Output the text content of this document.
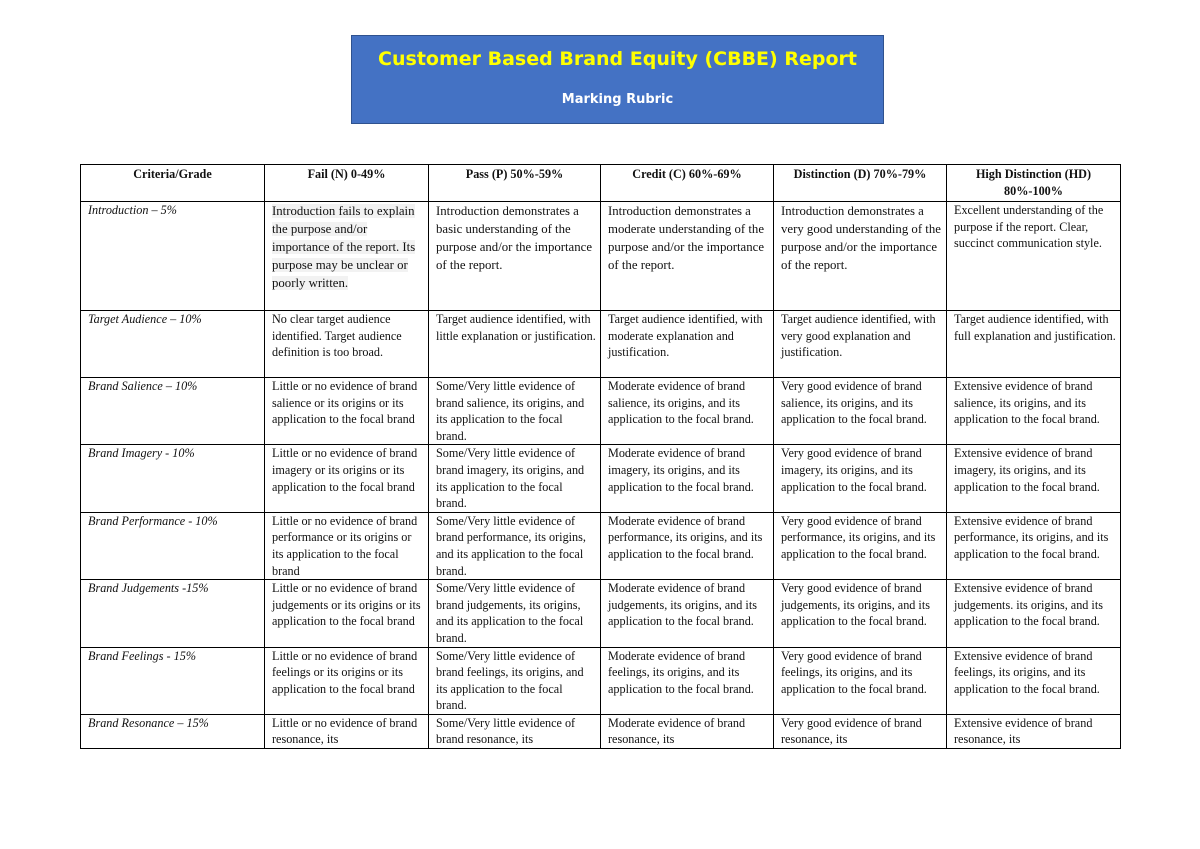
Customer Based Brand Equity (CBBE) Report
Marking Rubric
Criteria/Grade	Fail (N) 0-49%	Pass (P) 50%-59%	Credit (C) 60%-69%	Distinction (D) 70%-79%	High Distinction (HD) 80%-100%
Introduction – 5%	Introduction fails to explain the purpose and/or importance of the report. Its purpose may be unclear or poorly written.	Introduction demonstrates a basic understanding of the purpose and/or the importance of the report.	Introduction demonstrates a moderate understanding of the purpose and/or the importance of the report.	Introduction demonstrates a very good understanding of the purpose and/or the importance of the report.	Excellent understanding of the purpose if the report. Clear, succinct communication style.
Target Audience – 10%	No clear target audience identified. Target audience definition is too broad.	Target audience identified, with little explanation or justification.	Target audience identified, with moderate explanation and justification.	Target audience identified, with very good explanation and justification.	Target audience identified, with full explanation and justification.
Brand Salience – 10%	Little or no evidence of brand salience or its origins or its application to the focal brand	Some/Very little evidence of brand salience, its origins, and its application to the focal brand.	Moderate evidence of brand salience, its origins, and its application to the focal brand.	Very good evidence of brand salience, its origins, and its application to the focal brand.	Extensive evidence of brand salience, its origins, and its application to the focal brand.
Brand Imagery - 10%	Little or no evidence of brand imagery or its origins or its application to the focal brand	Some/Very little evidence of brand imagery, its origins, and its application to the focal brand.	Moderate evidence of brand imagery, its origins, and its application to the focal brand.	Very good evidence of brand imagery, its origins, and its application to the focal brand.	Extensive evidence of brand imagery, its origins, and its application to the focal brand.
Brand Performance - 10%	Little or no evidence of brand performance or its origins or its application to the focal brand	Some/Very little evidence of brand performance, its origins, and its application to the focal brand.	Moderate evidence of brand performance, its origins, and its application to the focal brand.	Very good evidence of brand performance, its origins, and its application to the focal brand.	Extensive evidence of brand performance, its origins, and its application to the focal brand.
Brand Judgements -15%	Little or no evidence of brand judgements or its origins or its application to the focal brand	Some/Very little evidence of brand judgements, its origins, and its application to the focal brand.	Moderate evidence of brand judgements, its origins, and its application to the focal brand.	Very good evidence of brand judgements, its origins, and its application to the focal brand.	Extensive evidence of brand judgements. its origins, and its application to the focal brand.
Brand Feelings - 15%	Little or no evidence of brand feelings or its origins or its application to the focal brand	Some/Very little evidence of brand feelings, its origins, and its application to the focal brand.	Moderate evidence of brand feelings, its origins, and its application to the focal brand.	Very good evidence of brand feelings, its origins, and its application to the focal brand.	Extensive evidence of brand feelings, its origins, and its application to the focal brand.
Brand Resonance – 15%	Little or no evidence of brand resonance, its	Some/Very little evidence of brand resonance, its	Moderate evidence of brand resonance, its	Very good evidence of brand resonance, its	Extensive evidence of brand resonance, its
